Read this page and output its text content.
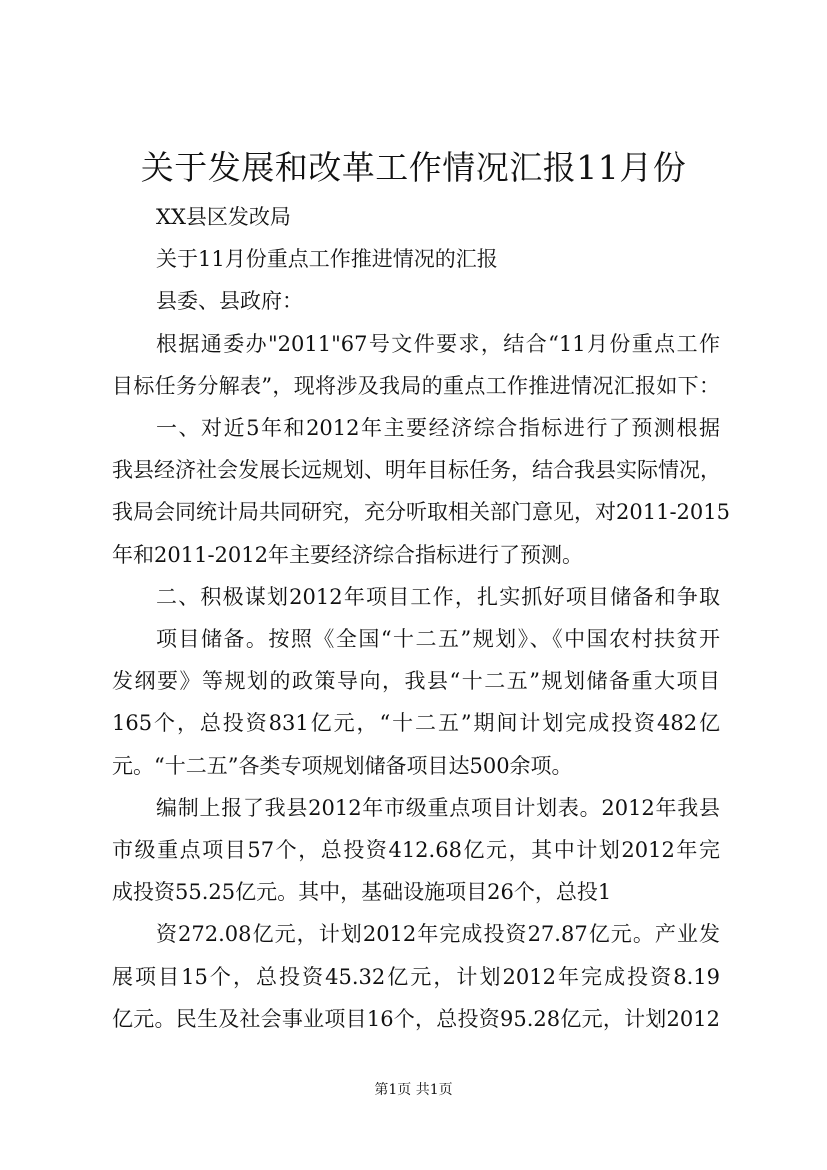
关于发展和改革工作情况汇报11月份
XX县区发改局
关于11月份重点工作推进情况的汇报
县委、县政府：
根据通委办"2011"67号文件要求，结合“11月份重点工作
目标任务分解表”，现将涉及我局的重点工作推进情况汇报如下：
一、对近5年和2012年主要经济综合指标进行了预测根据
我县经济社会发展长远规划、明年目标任务，结合我县实际情况，
我局会同统计局共同研究，充分听取相关部门意见，对2011-2015
年和2011-2012年主要经济综合指标进行了预测。
二、积极谋划2012年项目工作，扎实抓好项目储备和争取
项目储备。按照《全国“十二五”规划》、《中国农村扶贫开
发纲要》等规划的政策导向，我县“十二五”规划储备重大项目
165个，总投资831亿元，“十二五”期间计划完成投资482亿
元。“十二五”各类专项规划储备项目达500余项。
编制上报了我县2012年市级重点项目计划表。2012年我县
市级重点项目57个，总投资412.68亿元，其中计划2012年完
成投资55.25亿元。其中，基础设施项目26个，总投1
资272.08亿元，计划2012年完成投资27.87亿元。产业发
展项目15个，总投资45.32亿元，计划2012年完成投资8.19
亿元。民生及社会事业项目16个，总投资95.28亿元，计划2012
第1页 共1页
